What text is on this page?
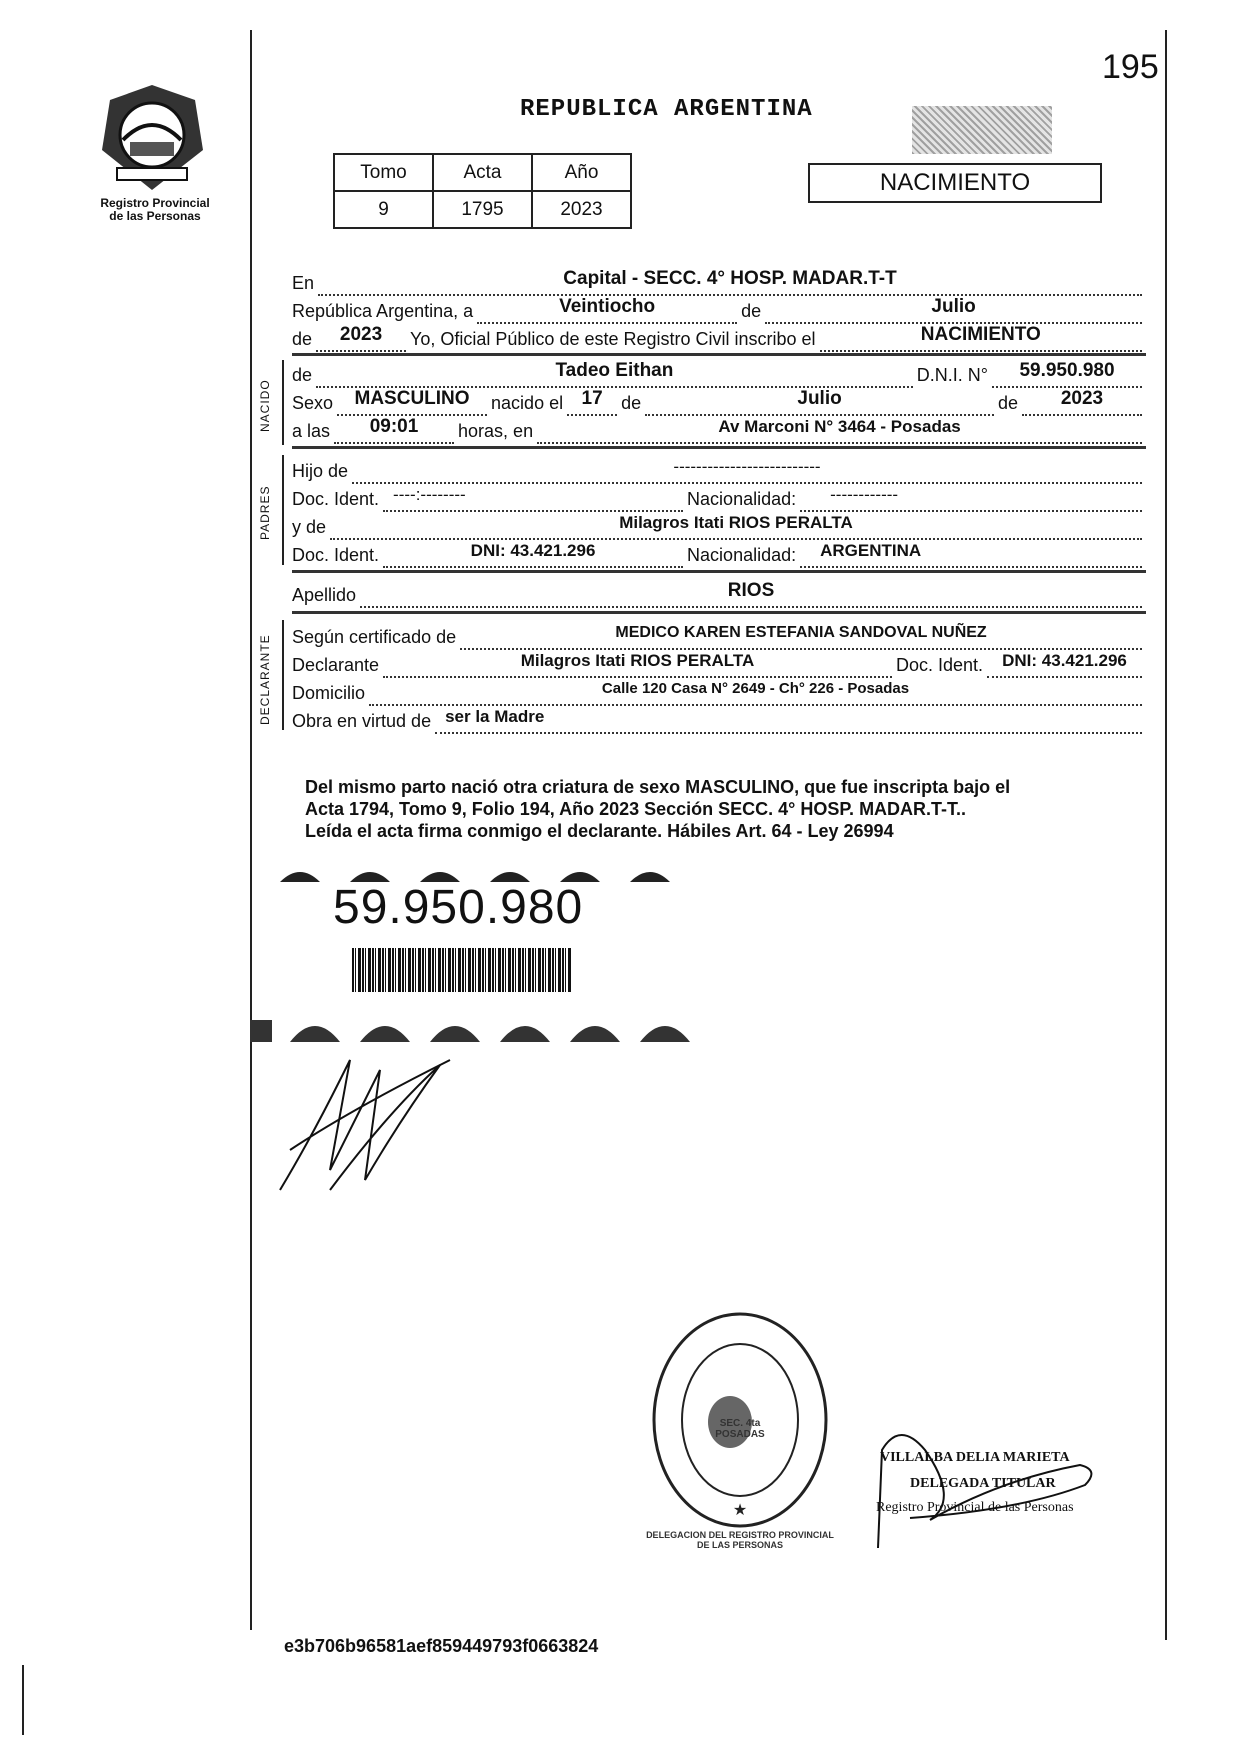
Registro Provincial
de las Personas
195
REPUBLICA ARGENTINA
Tomo	Acta	Año
9	1795	2023
NACIMIENTO
En	Capital - SECC. 4° HOSP. MADAR.T-T
República Argentina, a	Veintiocho	de	Julio
de	2023	Yo, Oficial Público de este Registro Civil inscribo el	NACIMIENTO
NACIDO
de	Tadeo Eithan	D.N.I. N°	59.950.980
Sexo	MASCULINO	nacido el 17	de	Julio	de	2023
a las	09:01	horas, en	Av Marconi N° 3464 - Posadas
PADRES
Hijo de	--------------------------
Doc. Ident. ----:--------	Nacionalidad: ------------
y de	Milagros Itati RIOS PERALTA
Doc. Ident.	DNI: 43.421.296	Nacionalidad: ARGENTINA
Apellido	RIOS
DECLARANTE Según certificado de	MEDICO KAREN ESTEFANIA SANDOVAL NUÑEZ
Declarante	Milagros Itati RIOS PERALTA	Doc. Ident.	DNI: 43.421.296
Domicilio	Calle 120 Casa N° 2649 - Ch° 226 - Posadas
Obra en virtud de ser la Madre
Del mismo parto nació otra criatura de sexo MASCULINO, que fue inscripta bajo el
Acta 1794, Tomo 9, Folio 194, Año 2023 Sección SECC. 4° HOSP. MADAR.T-T..
Leída el acta firma conmigo el declarante. Hábiles Art. 64 - Ley 26994
59.950.980
★
DELEGACION DEL REGISTRO PROVINCIAL DE LAS PERSONAS
SEC. 4ta POSADAS
VILLALBA DELIA MARIETA
DELEGADA TITULAR
Registro Provincial de las Personas
e3b706b96581aef859449793f0663824
